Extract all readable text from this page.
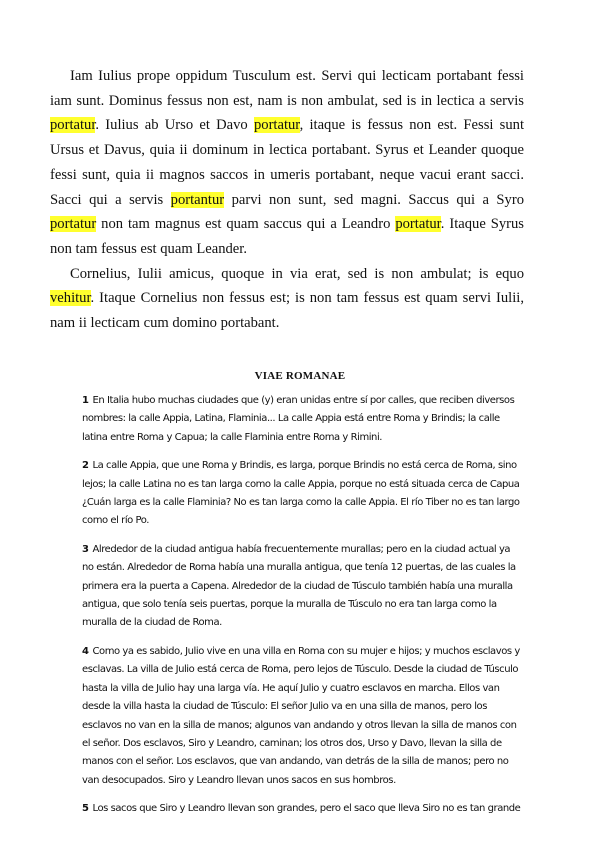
Iam Iulius prope oppidum Tusculum est. Servi qui lecticam portabant fessi iam sunt. Dominus fessus non est, nam is non ambulat, sed is in lectica a servis portatur. Iulius ab Urso et Davo portatur, itaque is fessus non est. Fessi sunt Ursus et Davus, quia ii dominum in lectica portabant. Syrus et Leander quoque fessi sunt, quia ii magnos saccos in umeris portabant, neque vacui erant sacci. Sacci qui a servis portantur parvi non sunt, sed magni. Saccus qui a Syro portatur non tam magnus est quam saccus qui a Leandro portatur. Itaque Syrus non tam fessus est quam Leander.

Cornelius, Iulii amicus, quoque in via erat, sed is non ambulat; is equo vehitur. Itaque Cornelius non fessus est; is non tam fessus est quam servi Iulii, nam ii lecticam cum domino portabant.

VIAE ROMANAE

1 En Italia hubo muchas ciudades que (y) eran unidas entre sí por calles, que reciben diversos nombres: la calle Appia, Latina, Flaminia... La calle Appia está entre Roma y Brindis; la calle latina entre Roma y Capua; la calle Flaminia entre Roma y Rimini.

2 La calle Appia, que une Roma y Brindis, es larga, porque Brindis no está cerca de Roma, sino lejos; la calle Latina no es tan larga como la calle Appia, porque no está situada cerca de Capua ¿Cuán larga es la calle Flaminia? No es tan larga como la calle Appia. El río Tiber no es tan largo como el río Po.

3 Alrededor de la ciudad antigua había frecuentemente murallas; pero en la ciudad actual ya no están. Alrededor de Roma había una muralla antigua, que tenía 12 puertas, de las cuales la primera era la puerta a Capena. Alrededor de la ciudad de Túsculo también había una muralla antigua, que solo tenía seis puertas, porque la muralla de Túsculo no era tan larga como la muralla de la ciudad de Roma.

4 Como ya es sabido, Julio vive en una villa en Roma con su mujer e hijos; y muchos esclavos y esclavas. La villa de Julio está cerca de Roma, pero lejos de Túsculo. Desde la ciudad de Túsculo hasta la villa de Julio hay una larga vía. He aquí Julio y cuatro esclavos en marcha. Ellos van desde la villa hasta la ciudad de Túsculo: El señor Julio va en una silla de manos, pero los esclavos no van en la silla de manos; algunos van andando y otros llevan la silla de manos con el señor. Dos esclavos, Siro y Leandro, caminan; los otros dos, Urso y Davo, llevan la silla de manos con el señor. Los esclavos, que van andando, van detrás de la silla de manos; pero no van desocupados. Siro y Leandro llevan unos sacos en sus hombros.

5 Los sacos que Siro y Leandro llevan son grandes, pero el saco que lleva Siro no es tan grande
